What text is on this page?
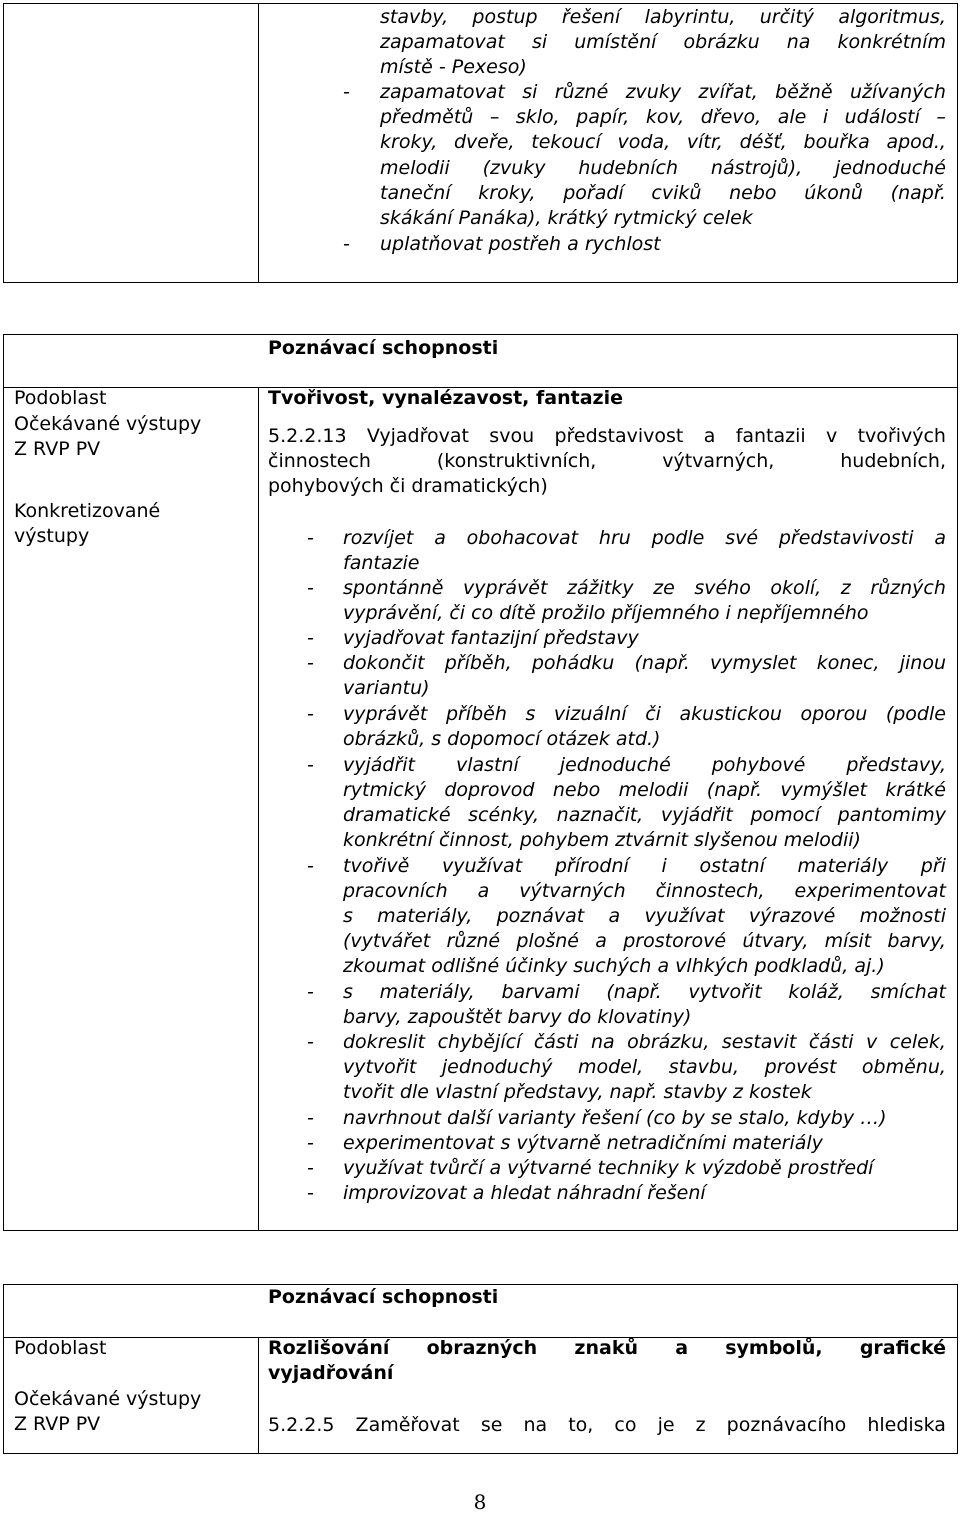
stavby, postup řešení labyrintu, určitý algoritmus,
zapamatovat si umístění obrázku na konkrétním
místě - Pexeso)
zapamatovat si různé zvuky zvířat, běžně užívaných
-
předmětů – sklo, papír, kov, dřevo, ale i událostí –
kroky, dveře, tekoucí voda, vítr, déšť, bouřka apod.,
melodii (zvuky hudebních nástrojů), jednoduché
taneční kroky, pořadí cviků nebo úkonů (např.
skákání Panáka), krátký rytmický celek
uplatňovat postřeh a rychlost
-
Poznávací schopnosti
Podoblast
Očekávané výstupy
Z RVP PV
Konkretizované
výstupy
Tvořivost, vynalézavost, fantazie
5.2.2.13 Vyjadřovat svou představivost a fantazii v tvořivých
činnostech	(konstruktivních,	výtvarných,	hudebních,
pohybových či dramatických)
rozvíjet a obohacovat hru podle své představivosti a
-
fantazie
spontánně vyprávět zážitky ze svého okolí, z různých
-
vyprávění, či co dítě prožilo příjemného i nepříjemného
vyjadřovat fantazijní představy
-
dokončit příběh, pohádku (např. vymyslet konec, jinou
-
variantu)
vyprávět příběh s vizuální či akustickou oporou (podle
-
obrázků, s dopomocí otázek atd.)
vyjádřit vlastní jednoduché pohybové představy,
-
rytmický doprovod nebo melodii (např. vymýšlet krátké
dramatické scénky, naznačit, vyjádřit pomocí pantomimy
konkrétní činnost, pohybem ztvárnit slyšenou melodii)
tvořivě využívat přírodní i ostatní materiály při
-
pracovních a výtvarných činnostech, experimentovat
s materiály, poznávat a využívat výrazové možnosti
(vytvářet různé plošné a prostorové útvary, mísit barvy,
zkoumat odlišné účinky suchých a vlhkých podkladů, aj.)
s materiály, barvami (např. vytvořit koláž, smíchat
-
barvy, zapouštět barvy do klovatiny)
dokreslit chybějící části na obrázku, sestavit části v celek,
-
vytvořit jednoduchý model, stavbu, provést obměnu,
tvořit dle vlastní představy, např. stavby z kostek
navrhnout další varianty řešení (co by se stalo, kdyby …)
-
experimentovat s výtvarně netradičními materiály
-
využívat tvůrčí a výtvarné techniky k výzdobě prostředí
-
improvizovat a hledat náhradní řešení
-
Poznávací schopnosti
Podoblast
Očekávané výstupy
Z RVP PV
Rozlišování obrazných znaků a symbolů, grafické
vyjadřování
5.2.2.5 Zaměřovat se na to, co je z poznávacího hlediska
8
